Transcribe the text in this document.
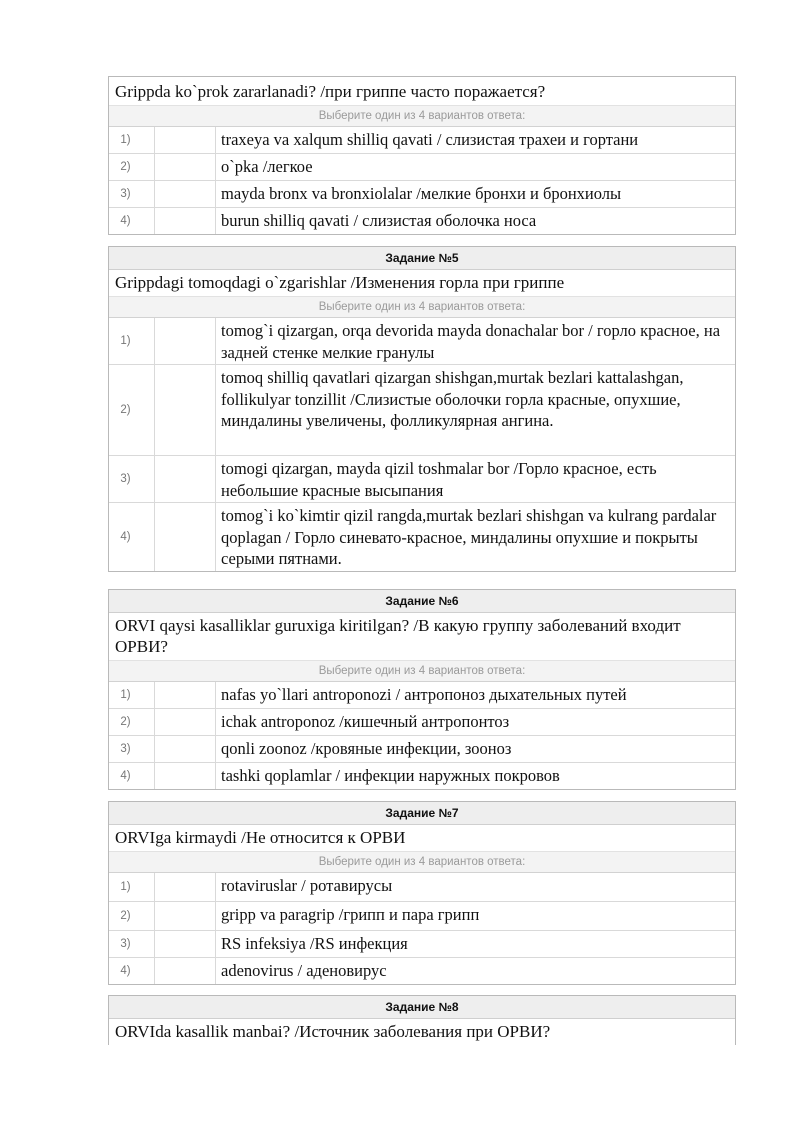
Grippda ko`prok zararlanadi? /при гриппе часто поражается?
Выберите один из 4 вариантов ответа:
1)	traxeya va xalqum shilliq qavati / слизистая трахеи и гортани
2)	o`pka /легкое
3)	mayda bronx va bronxiolalar /мелкие бронхи и бронхиолы
4)	burun shilliq qavati / слизистая оболочка носа
Задание №5
Grippdagi tomoqdagi o`zgarishlar /Изменения горла при гриппе
Выберите один из 4 вариантов ответа:
1)
tomog`i qizargan, orqa devorida mayda donachalar bor / горло красное, на задней стенке мелкие гранулы
2)
tomoq shilliq qavatlari qizargan shishgan,murtak bezlari kattalashgan, follikulyar tonzillit /Слизистые оболочки горла красные, опухшие, миндалины увеличены, фолликулярная ангина.
3)
tomogi qizargan, mayda qizil toshmalar bor /Горло красное, есть небольшие красные высыпания
4)
tomog`i ko`kimtir qizil rangda,murtak bezlari shishgan va kulrang pardalar qoplagan / Горло синевато-красное, миндалины опухшие и покрыты серыми пятнами.
Задание №6
ORVI qaysi kasalliklar guruxiga kiritilgan? /В какую группу заболеваний входит ОРВИ?
Выберите один из 4 вариантов ответа:
1)	nafas yo`llari antroponozi / антропоноз дыхательных путей
2)	ichak antroponoz /кишечный антропонтоз
3)	qonli zoonoz /кровяные инфекции, зооноз
4)	tashki qoplamlar / инфекции наружных покровов
Задание №7
ORVIga kirmaydi /Не относится к ОРВИ
Выберите один из 4 вариантов ответа:
1)	rotaviruslar / ротавирусы
2)	gripp va paragrip /грипп и пара грипп
3)	RS infeksiya /RS инфекция
4)	adenovirus / аденовирус
Задание №8
ORVIda kasallik manbai? /Источник заболевания при ОРВИ?
